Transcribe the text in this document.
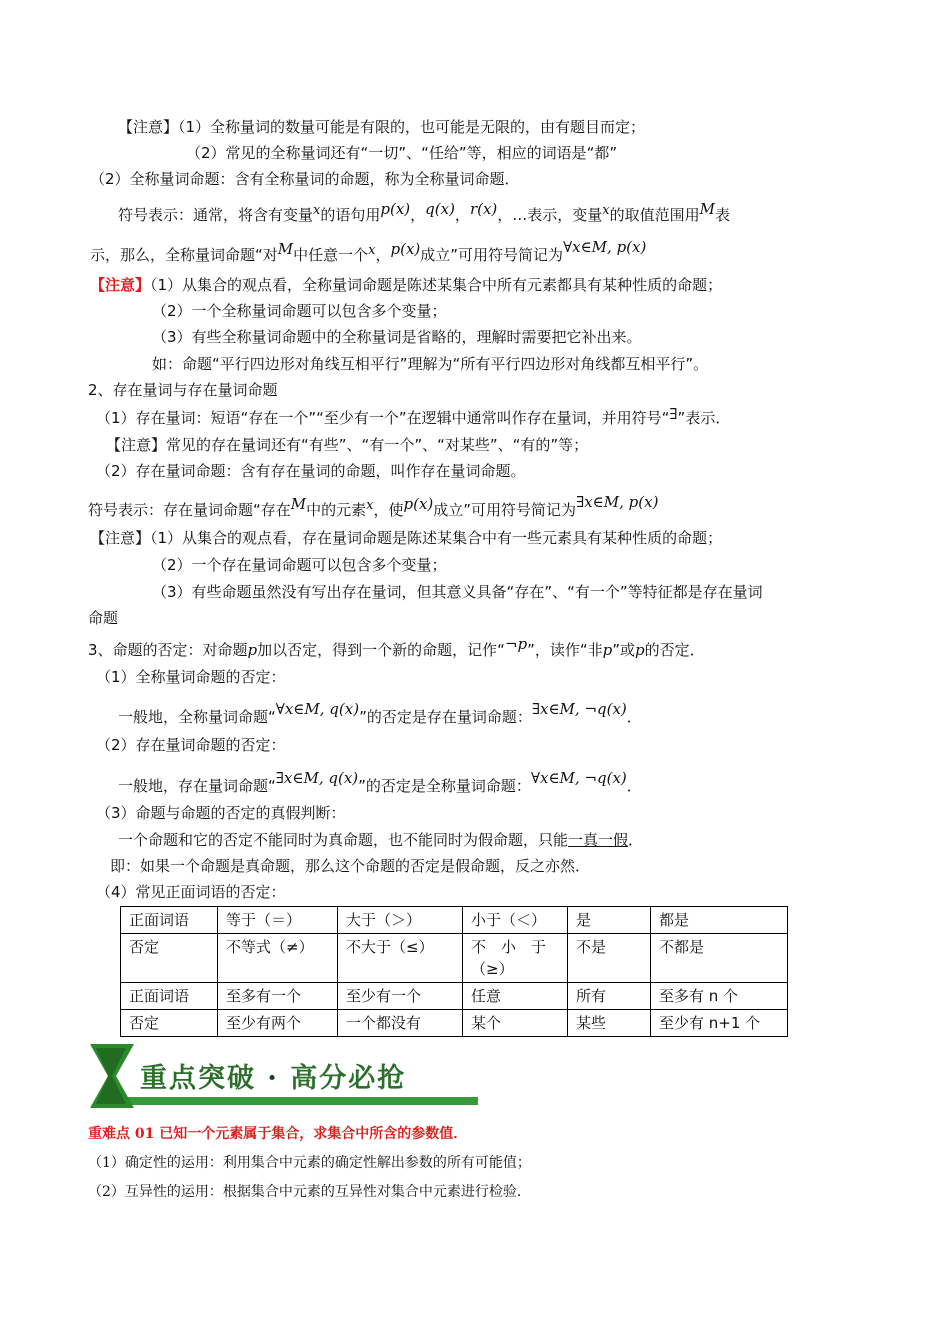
【注意】（1）全称量词的数量可能是有限的，也可能是无限的，由有题目而定；
（2）常见的全称量词还有“一切”、“任给”等，相应的词语是“都”
（2）全称量词命题：含有全称量词的命题，称为全称量词命题．
符号表示：通常，将含有变量x的语句用p(x)，q(x)，r(x)，…表示，变量x的取值范围用M表
示，那么，全称量词命题“对M中任意一个x，p(x)成立”可用符号简记为∀x∈M, p(x)
【注意】（1）从集合的观点看，全称量词命题是陈述某集合中所有元素都具有某种性质的命题；
（2）一个全称量词命题可以包含多个变量；
（3）有些全称量词命题中的全称量词是省略的，理解时需要把它补出来。
如：命题“平行四边形对角线互相平行”理解为“所有平行四边形对角线都互相平行”。
2、存在量词与存在量词命题
（1）存在量词：短语“存在一个”“至少有一个”在逻辑中通常叫作存在量词，并用符号“∃”表示．
【注意】常见的存在量词还有“有些”、“有一个”、“对某些”、“有的”等；
（2）存在量词命题：含有存在量词的命题，叫作存在量词命题。
符号表示：存在量词命题“存在M中的元素x，使p(x)成立”可用符号简记为∃x∈M, p(x)
【注意】（1）从集合的观点看，存在量词命题是陈述某集合中有一些元素具有某种性质的命题；
（2）一个存在量词命题可以包含多个变量；
（3）有些命题虽然没有写出存在量词，但其意义具备“存在”、“有一个”等特征都是存在量词
命题
3、命题的否定：对命题p加以否定，得到一个新的命题，记作“¬p”，读作“非p”或p的否定．
（1）全称量词命题的否定：
一般地，全称量词命题“∀x∈M, q(x)”的否定是存在量词命题：∃x∈M, ¬q(x)．
（2）存在量词命题的否定：
一般地，存在量词命题“∃x∈M, q(x)”的否定是全称量词命题：∀x∈M, ¬q(x)．
（3）命题与命题的否定的真假判断：
一个命题和它的否定不能同时为真命题，也不能同时为假命题，只能一真一假．
即：如果一个命题是真命题，那么这个命题的否定是假命题，反之亦然．
（4）常见正面词语的否定：
正面词语	等于（＝）	大于（＞）	小于（＜）	是	都是
否定	不等式（≠）	不大于（≤）	不　小　于（≥）	不是	不都是
正面词语	至多有一个	至少有一个	任意	所有	至多有 n 个
否定	至少有两个	一个都没有	某个	某些	至少有 n+1 个
重点突破 · 高分必抢
重难点 01 已知一个元素属于集合，求集合中所含的参数值．
（1）确定性的运用：利用集合中元素的确定性解出参数的所有可能值；
（2）互异性的运用：根据集合中元素的互异性对集合中元素进行检验．
